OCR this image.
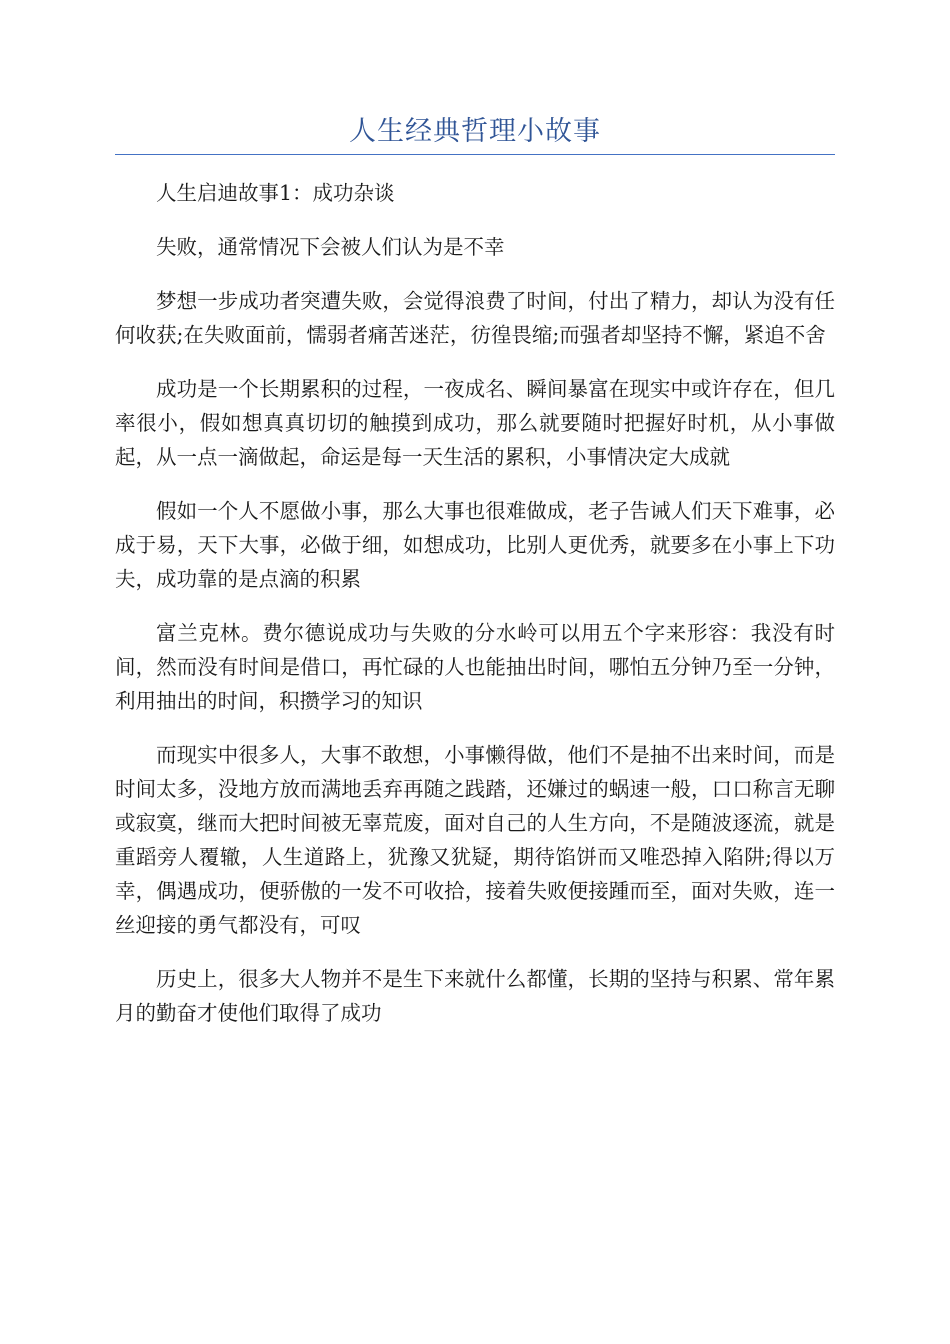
人生经典哲理小故事

人生启迪故事1：成功杂谈

失败，通常情况下会被人们认为是不幸

梦想一步成功者突遭失败，会觉得浪费了时间，付出了精力，却认为没有任何收获;在失败面前，懦弱者痛苦迷茫，彷徨畏缩;而强者却坚持不懈，紧追不舍

成功是一个长期累积的过程，一夜成名、瞬间暴富在现实中或许存在，但几率很小，假如想真真切切的触摸到成功，那么就要随时把握好时机，从小事做起，从一点一滴做起，命运是每一天生活的累积，小事情决定大成就

假如一个人不愿做小事，那么大事也很难做成，老子告诫人们天下难事，必成于易，天下大事，必做于细，如想成功，比别人更优秀，就要多在小事上下功夫，成功靠的是点滴的积累

富兰克林。费尔德说成功与失败的分水岭可以用五个字来形容：我没有时间，然而没有时间是借口，再忙碌的人也能抽出时间，哪怕五分钟乃至一分钟，利用抽出的时间，积攒学习的知识

而现实中很多人，大事不敢想，小事懒得做，他们不是抽不出来时间，而是时间太多，没地方放而满地丢弃再随之践踏，还嫌过的蜗速一般，口口称言无聊或寂寞，继而大把时间被无辜荒废，面对自己的人生方向，不是随波逐流，就是重蹈旁人覆辙，人生道路上，犹豫又犹疑，期待馅饼而又唯恐掉入陷阱;得以万幸，偶遇成功，便骄傲的一发不可收拾，接着失败便接踵而至，面对失败，连一丝迎接的勇气都没有，可叹

历史上，很多大人物并不是生下来就什么都懂，长期的坚持与积累、常年累月的勤奋才使他们取得了成功
